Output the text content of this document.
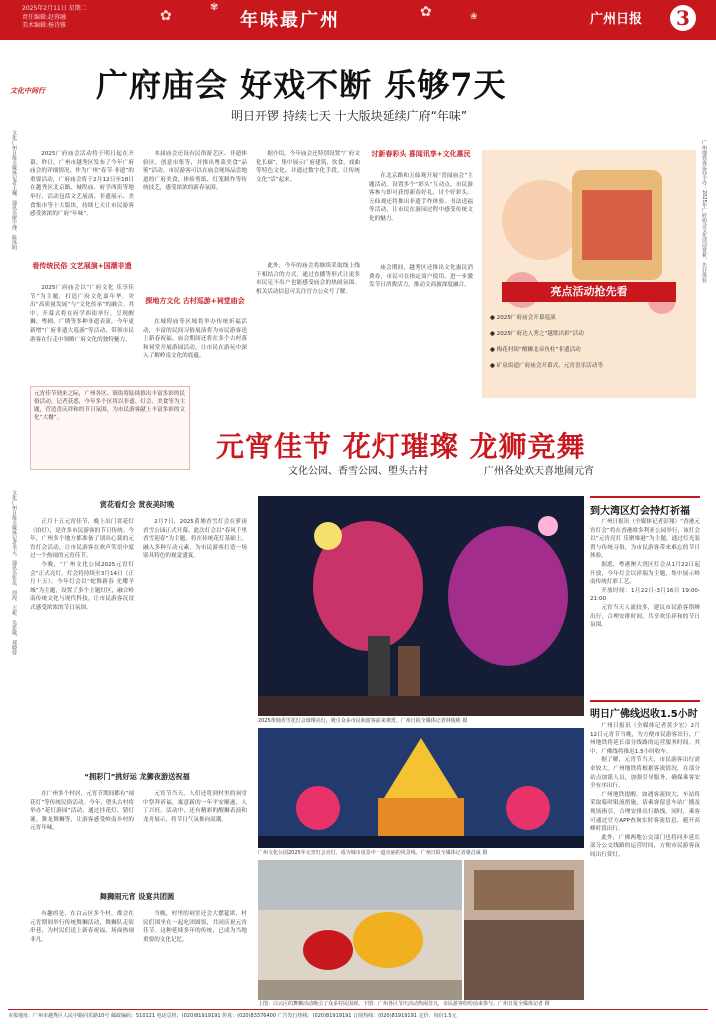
2025年2月11日 星期二
责任编辑:赵蓉融
美术编辑:杨诗雅
✿
✾	✿	❀
年味最广州	广州日报	3
文化中间行 广府庙会 好戏不断 乐够7天
明日开锣 持续七天 十大版块延续广府“年味”
文化广州日报全媒体记者王巍、通讯员廖宇博、陈泽明	广州地铁客运局主办：2025年广府庙会文化活动赏析，先行体验

2025广府庙会活动将于明日起在开幕。昨日，广州市越秀区发布了今年广府庙会的详细情况。作为广州“春节·非遗”的重要活动，广府庙会将于2月12日至18日在越秀区北京路、城隍庙、府学西街等地举行，活动包括文艺展演、非遗展示、美食集市等十大版块，持续七天让市民游客感受浓浓的广府“年味”。

看传统民俗 文艺展演+国潮非遗

2025广府庙会以“广府文化 乐享佳节”为主题，打造广府文化嘉年华，突出“高质量发展”与“文化传承”的融合。其中，开幕式将在府学西街举行，呈现醒狮、粤剧、广绣等多种非遗表演。今年更新增“广府非遗大巡游”等活动，带领市民游客在行走中领略广府文化的独特魅力。

本届庙会还设有民俗游艺区、非遗体验区、创意市集等，并推出粤菜美食“品鉴”活动。市民游客可以在庙会现场品尝地道的广府美食，体验剪纸、灯笼制作等传统技艺，感受浓浓的新春氛围。

探地方文化 古村巡游+祠堂庙会

在城隍庙等区域将举办传统祈福活动，丰富的民间习俗展演将为市民游客送上新春祝福。庙会期间还将在多个古村落和祠堂开展游园活动，让市民在游玩中深入了解岭南文化的底蕴。

据介绍，今年庙会还特别设置“广府文化长廊”，集中展示广府建筑、饮食、戏曲等特色文化，并通过数字化手段，让传统文化“活”起来。

此外，今年的庙会将继续采取线上线下相结合的方式，通过直播等形式让更多市民足不出户也能感受庙会的热闹氛围。相关活动信息可关注官方公众号了解。

元宵佳节到来之际，广州各区、镇街将陆续推出丰富多彩的民俗活动。记者获悉，今年多个区将以非遗、灯会、美食等为主题，营造喜庆祥和的节日氛围，为市民游客献上丰富多彩的文化“大餐”。
讨新春彩头 喜闻讯享+文化惠民

在北京路和五仙观开展“喜闻庙会”主题活动，设置多个“彩头”互动点，市民游客参与即可获得新春好礼，讨个好彩头。五仙观还将推出非遗手作体验、书法送福等活动，让市民在游园过程中感受传统文化的魅力。

庙会期间，越秀区还推出文化惠民消费券，市民可在指定商户使用，进一步激发节日消费活力，推动文商旅深度融合。	亮点活动抢先看
● 2025广府庙会开幕巡演
● 2025广府达人秀之“越歌出彩”活动
● 梅花村街“醒狮北帝鱼柱”非遗活动
● 矿泉街道广府庙会开幕式、元宵喜乐活动等
元宵佳节 花灯璀璨 龙狮竞舞
文化公园、香雪公园、塱头古村	广州各处欢天喜地闹元宵
文化广州日报全媒体记者李天、通讯员张昆、周海、王新、吴思敏、郑晓蓉	赏花看灯会 赏夜美时晚

正月十五元宵佳节，晚上出门赏花灯（拍灯），是许多市民游客的节日传统。今年，广州多个地方都准备了别出心裁的元宵灯会活动，让市民游客在欢声笑语中度过一个热闹的元宵佳节。

今晚，“广州文化公园2025元宵灯会”正式亮灯，灯会将持续至3月14日（正月十五）。今年灯会以“蛇舞新春 光耀羊城”为主题，设置了多个主题灯区，融合岭南传统文化与现代科技，让市民游客沉浸式感受浓浓的节日氛围。

2月7日，2025黄埔香雪灯会在萝岗香雪公园正式开幕。此次灯会以“春风千里 香雪迎春”为主题，将在传统花灯基础上，融入多种互动元素，为市民游客打造一场别具特色的视觉盛宴。

“拥彩门”挑好运 龙狮夜游送祝福

在广州多个村居，元宵节期间都有“闹花灯”等传统民俗活动。今年，塱头古村将举办“花灯游园”活动，通过挂花灯、猜灯谜、舞龙舞狮等，让游客感受岭南乡村的元宵年味。

元宵节当天，人们还将到村里的祠堂中祭拜祈福，寓意新的一年平安顺遂、人丁兴旺。活动中，还有精彩的醒狮表演和龙舟展示，将节日气氛推向高潮。

舞狮闹元宵 设宴共团圆

有趣的是，在白云区多个村，都会在元宵期间举行传统舞狮活动，舞狮队走街串巷，为村民们送上新春祝福，场面热闹非凡。

当晚，村里的祠堂还会大摆筵席，村民们围坐在一起吃团圆饭，共同庆祝元宵佳节。这种延续多年的传统，已成为当地重要的文化记忆。

2025黄埔香雪花灯会璀璨亮灯，吸引众多市民和游客前来观赏。广州日报全媒体记者林俊彬 摄
广州文化公园2025年元宵灯会亮灯，成为城市夜景中一道亮丽的风景线。广州日报全媒体记者骆昌威 摄
上图：白云区的舞狮活动吸引了众多村民围观。下图：广州各区节庆活动热闹非凡，市民游客纷纷前来参与。广州日报全媒体记者 摄
到大湾区灯会持灯祈福

广州日报讯（全媒体记者彭翔）“香港元宵灯会”将在香港维多利亚公园举行，该灯会以“元宵亮灯 乐聚维港”为主题，通过灯光装置与传统习俗，为市民游客带来难忘的节日体验。

据悉，粤港澳大湾区灯会从1月22日起开放，今年灯会以祥瑞为主题，集中展示岭南传统灯彩工艺。

开放时间：1月22日-3月16日 19:00-21:00

元宵当天人流较多，建议市民游客错峰出行，合理安排时间，共享欢乐祥和的节日氛围。

明日广佛线迟收1.5小时

广州日报讯（全媒体记者黄少宏）2月12日元宵节当晚，为方便市民游客出行，广州地铁将延长部分线路的运营服务时间。其中，广佛线将推迟1.5小时收车。

据了解，元宵节当天，市民游客出行需求较大。广州地铁将根据客流情况，在部分站点加派人员，加强引导服务，确保乘客安全有序出行。

广州地铁提醒，如遇客流较大，车站将采取临时限流措施，请乘客留意车站广播及现场指引，合理安排出行路线。同时，乘客可通过官方APP查询实时客流信息，避开高峰时段出行。

此外，广佛两地公交部门也将同步延长部分公交线路的运营时间，方便市民游客夜间出行赏灯。

本报地址：广州市越秀区人民中路同乐路10号 邮政编码：510121 电话总机：(020)81919191 传真：(020)83376400 广告发行热线：(020)81919191 订阅热线：(020)81919191 定价：每份1.5元
